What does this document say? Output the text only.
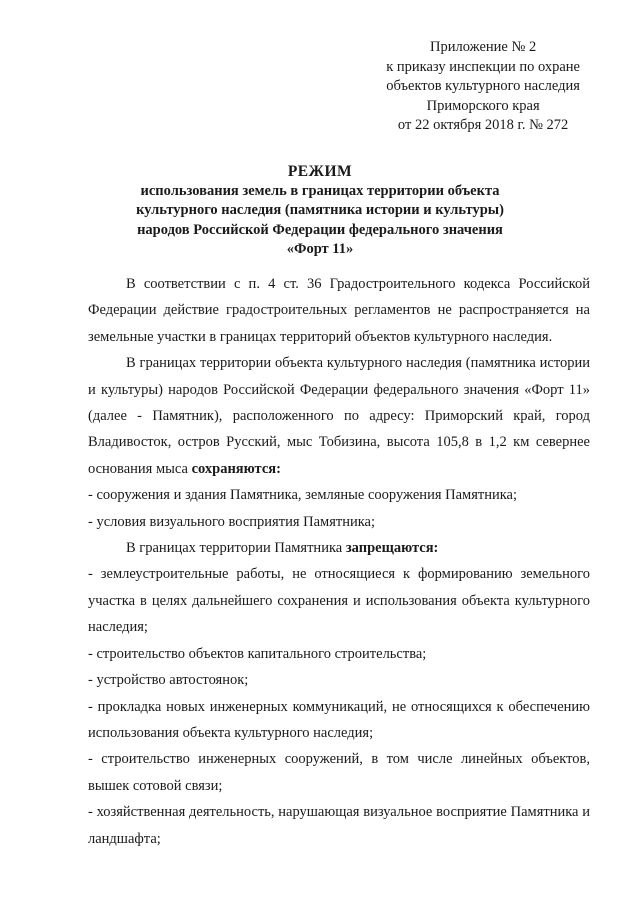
Приложение № 2
к приказу инспекции по охране
объектов культурного наследия
Приморского края
от 22 октября 2018 г. № 272
РЕЖИМ
использования земель в границах территории объекта
культурного наследия (памятника истории и культуры)
народов Российской Федерации федерального значения
«Форт 11»

В соответствии с п. 4 ст. 36 Градостроительного кодекса Российской Федерации действие градостроительных регламентов не распространяется на земельные участки в границах территорий объектов культурного наследия.

В границах территории объекта культурного наследия (памятника истории и культуры) народов Российской Федерации федерального значения «Форт 11» (далее - Памятник), расположенного по адресу: Приморский край, город Владивосток, остров Русский, мыс Тобизина, высота 105,8 в 1,2 км севернее основания мыса сохраняются:

- сооружения и здания Памятника, земляные сооружения Памятника;

- условия визуального восприятия Памятника;

В границах территории Памятника запрещаются:

- землеустроительные работы, не относящиеся к формированию земельного участка в целях дальнейшего сохранения и использования объекта культурного наследия;

- строительство объектов капитального строительства;

- устройство автостоянок;

- прокладка новых инженерных коммуникаций, не относящихся к обеспечению использования объекта культурного наследия;

- строительство инженерных сооружений, в том числе линейных объектов, вышек сотовой связи;

- хозяйственная деятельность, нарушающая визуальное восприятие Памятника и ландшафта;
